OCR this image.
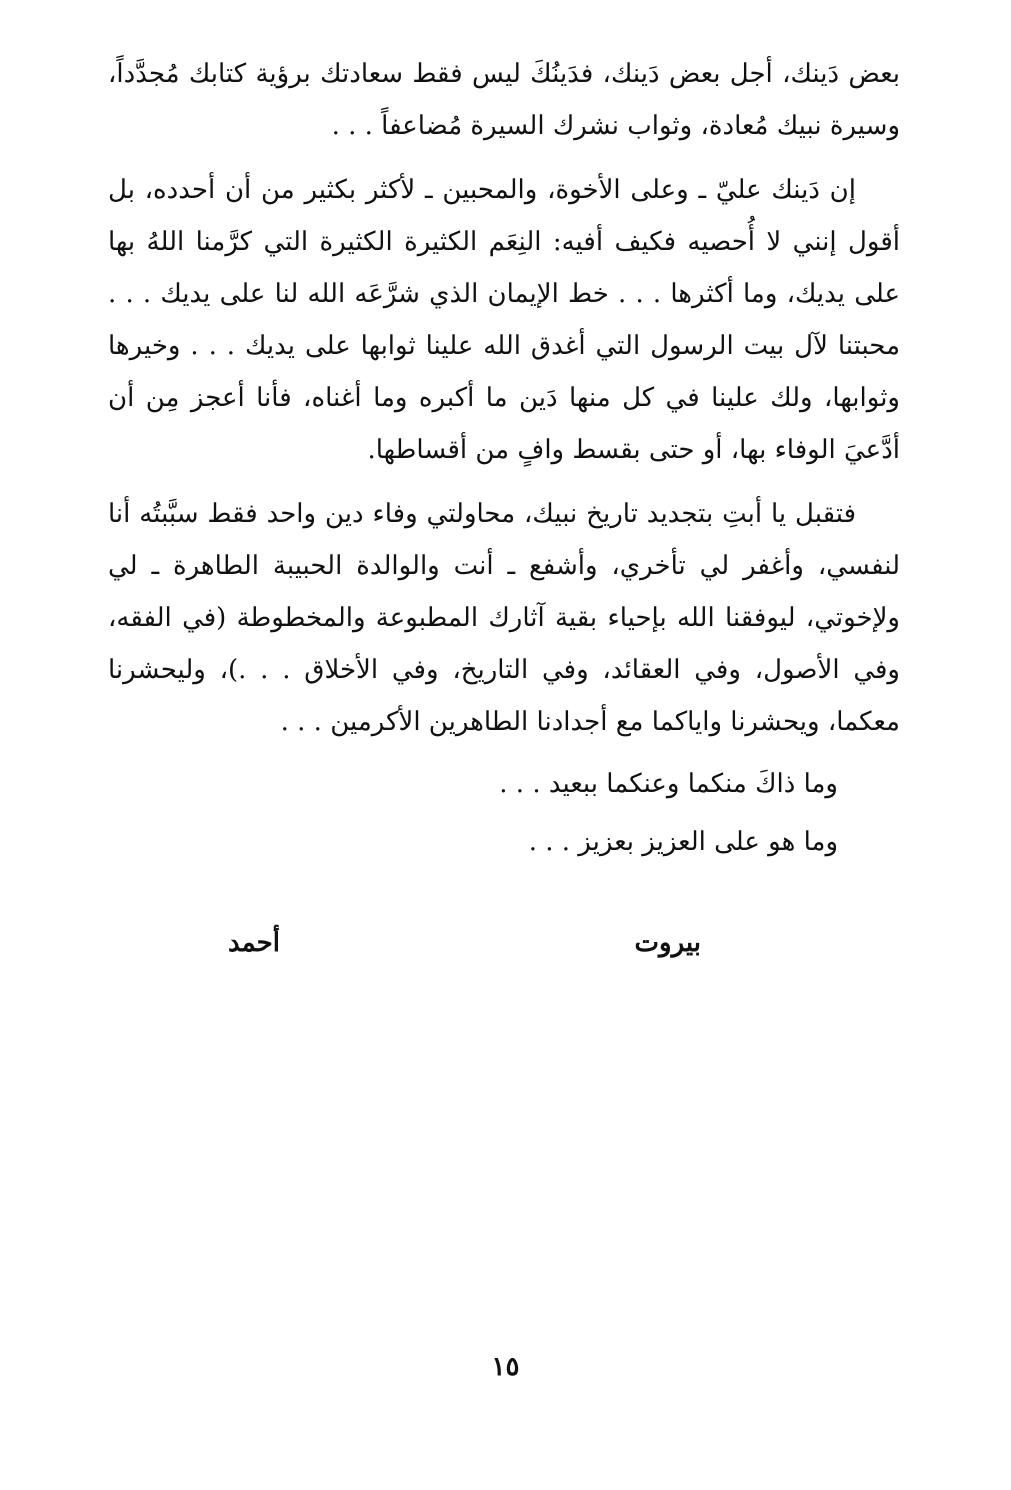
بعض دَينك، أجل بعض دَينك، فدَينُكَ ليس فقط سعادتك برؤية كتابك مُجدَّداً، وسيرة نبيك مُعادة، وثواب نشرك السيرة مُضاعفاً . . .

إن دَينك عليّ ـ وعلى الأخوة، والمحبين ـ لأكثر بكثير من أن أحدده، بل أقول إنني لا أُحصيه فكيف أفيه: النِعَم الكثيرة الكثيرة التي كرَّمنا اللهُ بها على يديك، وما أكثرها . . . خط الإيمان الذي شرَّعَه الله لنا على يديك . . . محبتنا لآل بيت الرسول التي أغدق الله علينا ثوابها على يديك . . . وخيرها وثوابها، ولك علينا في كل منها دَين ما أكبره وما أغناه، فأنا أعجز مِن أن أدَّعيَ الوفاء بها، أو حتى بقسط وافٍ من أقساطها.

فتقبل يا أبتِ بتجديد تاريخ نبيك، محاولتي وفاء دين واحد فقط سبَّبتُه أنا لنفسي، وأغفر لي تأخري، وأشفع ـ أنت والوالدة الحبيبة الطاهرة ـ لي ولإخوتي، ليوفقنا الله بإحياء بقية آثارك المطبوعة والمخطوطة (في الفقه، وفي الأصول، وفي العقائد، وفي التاريخ، وفي الأخلاق . . .)، وليحشرنا معكما، ويحشرنا واياكما مع أجدادنا الطاهرين الأكرمين . . .

وما ذاكَ منكما وعنكما ببعيد . . .

وما هو على العزيز بعزيز . . .

بيروت
أحمد
١٥
